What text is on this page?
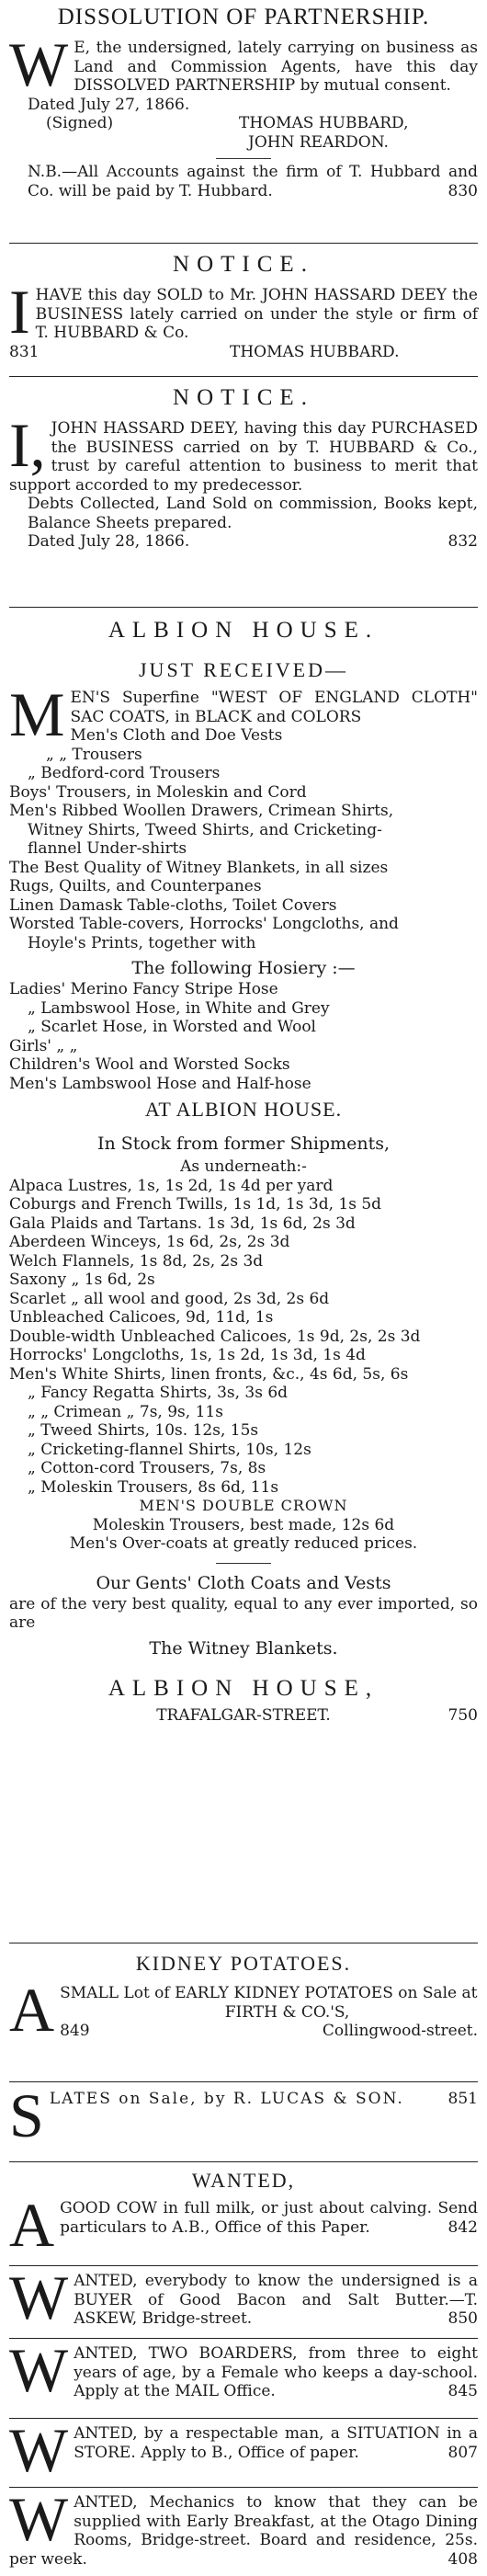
DISSOLUTION OF PARTNERSHIP.
W E, the undersigned, lately carrying on business as Land and Commission Agents, have this day DISSOLVED PARTNERSHIP by mutual consent.
Dated July 27, 1866.
(Signed)	THOMAS HUBBARD,
JOHN REARDON.
N.B.—All Accounts against the firm of T. Hubbard and Co. will be paid by T. Hubbard.	830
NOTICE.
IHAVE this day SOLD to Mr. JOHN HASSARD DEEY the BUSINESS lately carried on under the style or firm of T. HUBBARD & Co.
831	THOMAS HUBBARD.
NOTICE.
I, JOHN HASSARD DEEY, having this day PURCHASED the BUSINESS carried on by T. HUBBARD & Co., trust by careful attention to business to merit that support accorded to my predecessor.
Debts Collected, Land Sold on commission, Books kept, Balance Sheets prepared.
Dated July 28, 1866.	832
ALBION HOUSE.
JUST RECEIVED—
MEN'S Superfine "WEST OF ENGLAND CLOTH" SAC COATS, in BLACK and COLORS
Men's Cloth and Doe Vests
„ „ Trousers
„ Bedford-cord Trousers
Boys' Trousers, in Moleskin and Cord
Men's Ribbed Woollen Drawers, Crimean Shirts,
Witney Shirts, Tweed Shirts, and Cricketing-
flannel Under-shirts
The Best Quality of Witney Blankets, in all sizes
Rugs, Quilts, and Counterpanes
Linen Damask Table-cloths, Toilet Covers
Worsted Table-covers, Horrocks' Longcloths, and
Hoyle's Prints, together with
The following Hosiery :—
Ladies' Merino Fancy Stripe Hose
„ Lambswool Hose, in White and Grey
„ Scarlet Hose, in Worsted and Wool
Girls' „ „
Children's Wool and Worsted Socks
Men's Lambswool Hose and Half-hose
AT ALBION HOUSE.
In Stock from former Shipments,
As underneath:-
Alpaca Lustres, 1s, 1s 2d, 1s 4d per yard
Coburgs and French Twills, 1s 1d, 1s 3d, 1s 5d
Gala Plaids and Tartans. 1s 3d, 1s 6d, 2s 3d
Aberdeen Winceys, 1s 6d, 2s, 2s 3d
Welch Flannels, 1s 8d, 2s, 2s 3d
Saxony „ 1s 6d, 2s
Scarlet „ all wool and good, 2s 3d, 2s 6d
Unbleached Calicoes, 9d, 11d, 1s
Double-width Unbleached Calicoes, 1s 9d, 2s, 2s 3d
Horrocks' Longcloths, 1s, 1s 2d, 1s 3d, 1s 4d
Men's White Shirts, linen fronts, &c., 4s 6d, 5s, 6s
„ Fancy Regatta Shirts, 3s, 3s 6d
„ „ Crimean „ 7s, 9s, 11s
„ Tweed Shirts, 10s. 12s, 15s
„ Cricketing-flannel Shirts, 10s, 12s
„ Cotton-cord Trousers, 7s, 8s
„ Moleskin Trousers, 8s 6d, 11s
MEN'S DOUBLE CROWN
Moleskin Trousers, best made, 12s 6d
Men's Over-coats at greatly reduced prices.
Our Gents' Cloth Coats and Vests
are of the very best quality, equal to any ever imported, so are
The Witney Blankets.
ALBION HOUSE,
TRAFALGAR-STREET.	750
KIDNEY POTATOES.
ASMALL Lot of EARLY KIDNEY POTATOES on Sale at
FIRTH & CO.'S,
849	Collingwood-street.
SLATES on Sale, by R. LUCAS & SON.	851
WANTED,
AGOOD COW in full milk, or just about calving. Send particulars to A.B., Office of this Paper.	842
WANTED, everybody to know the undersigned is a BUYER of Good Bacon and Salt Butter.—T. ASKEW, Bridge-street.	850
WANTED, TWO BOARDERS, from three to eight years of age, by a Female who keeps a day-school. Apply at the MAIL Office.	845
WANTED, by a respectable man, a SITUATION in a STORE. Apply to B., Office of paper.	807
WANTED, Mechanics to know that they can be supplied with Early Breakfast, at the Otago Dining Rooms, Bridge-street. Board and residence, 25s. per week.	408
